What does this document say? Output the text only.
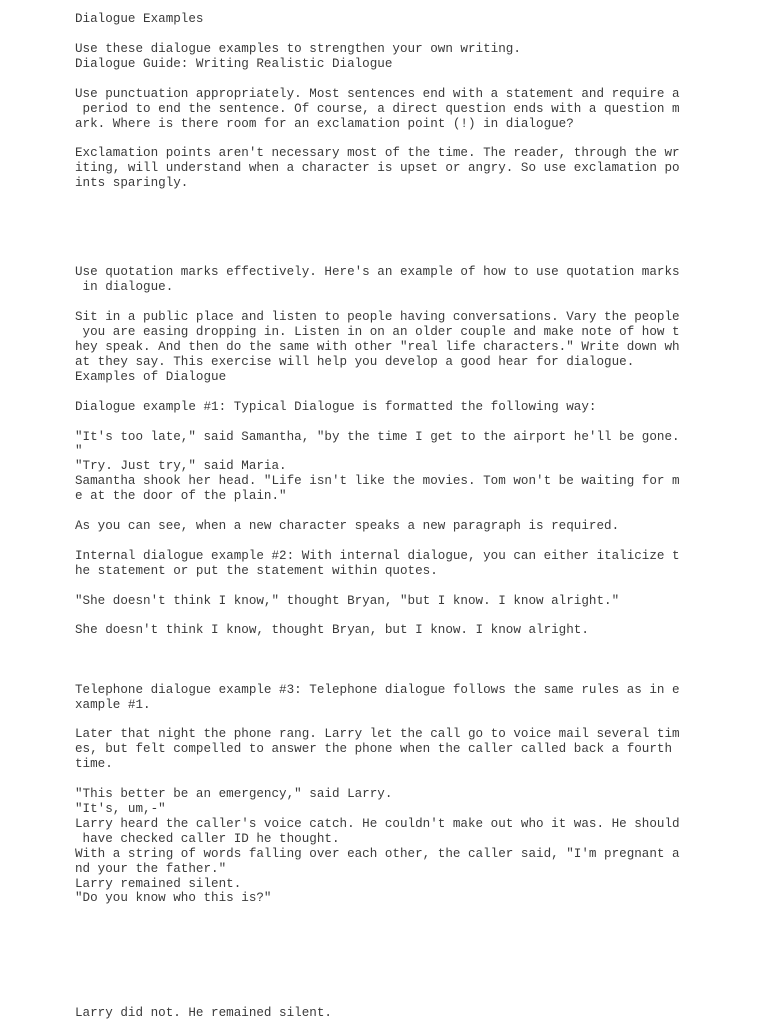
Dialogue Examples

Use these dialogue examples to strengthen your own writing.

Dialogue Guide: Writing Realistic Dialogue

Use punctuation appropriately. Most sentences end with a statement and require a

period to end the sentence. Of course, a direct question ends with a question m

ark. Where is there room for an exclamation point (!) in dialogue?

Exclamation points aren't necessary most of the time. The reader, through the wr

iting, will understand when a character is upset or angry. So use exclamation po

ints sparingly.

Use quotation marks effectively. Here's an example of how to use quotation marks

in dialogue.

Sit in a public place and listen to people having conversations. Vary the people

you are easing dropping in. Listen in on an older couple and make note of how t

hey speak. And then do the same with other "real life characters." Write down wh

at they say. This exercise will help you develop a good hear for dialogue.

Examples of Dialogue

Dialogue example #1: Typical Dialogue is formatted the following way:

"It's too late," said Samantha, "by the time I get to the airport he'll be gone.

"

"Try. Just try," said Maria.

Samantha shook her head. "Life isn't like the movies. Tom won't be waiting for m

e at the door of the plain."

As you can see, when a new character speaks a new paragraph is required.

Internal dialogue example #2: With internal dialogue, you can either italicize t

he statement or put the statement within quotes.

"She doesn't think I know," thought Bryan, "but I know. I know alright."

She doesn't think I know, thought Bryan, but I know. I know alright.

Telephone dialogue example #3: Telephone dialogue follows the same rules as in e

xample #1.

Later that night the phone rang. Larry let the call go to voice mail several tim

es, but felt compelled to answer the phone when the caller called back a fourth

time.

"This better be an emergency," said Larry.

"It's, um,-"

Larry heard the caller's voice catch. He couldn't make out who it was. He should

have checked caller ID he thought.

With a string of words falling over each other, the caller said, "I'm pregnant a

nd your the father."

Larry remained silent.

"Do you know who this is?"

Larry did not. He remained silent.
